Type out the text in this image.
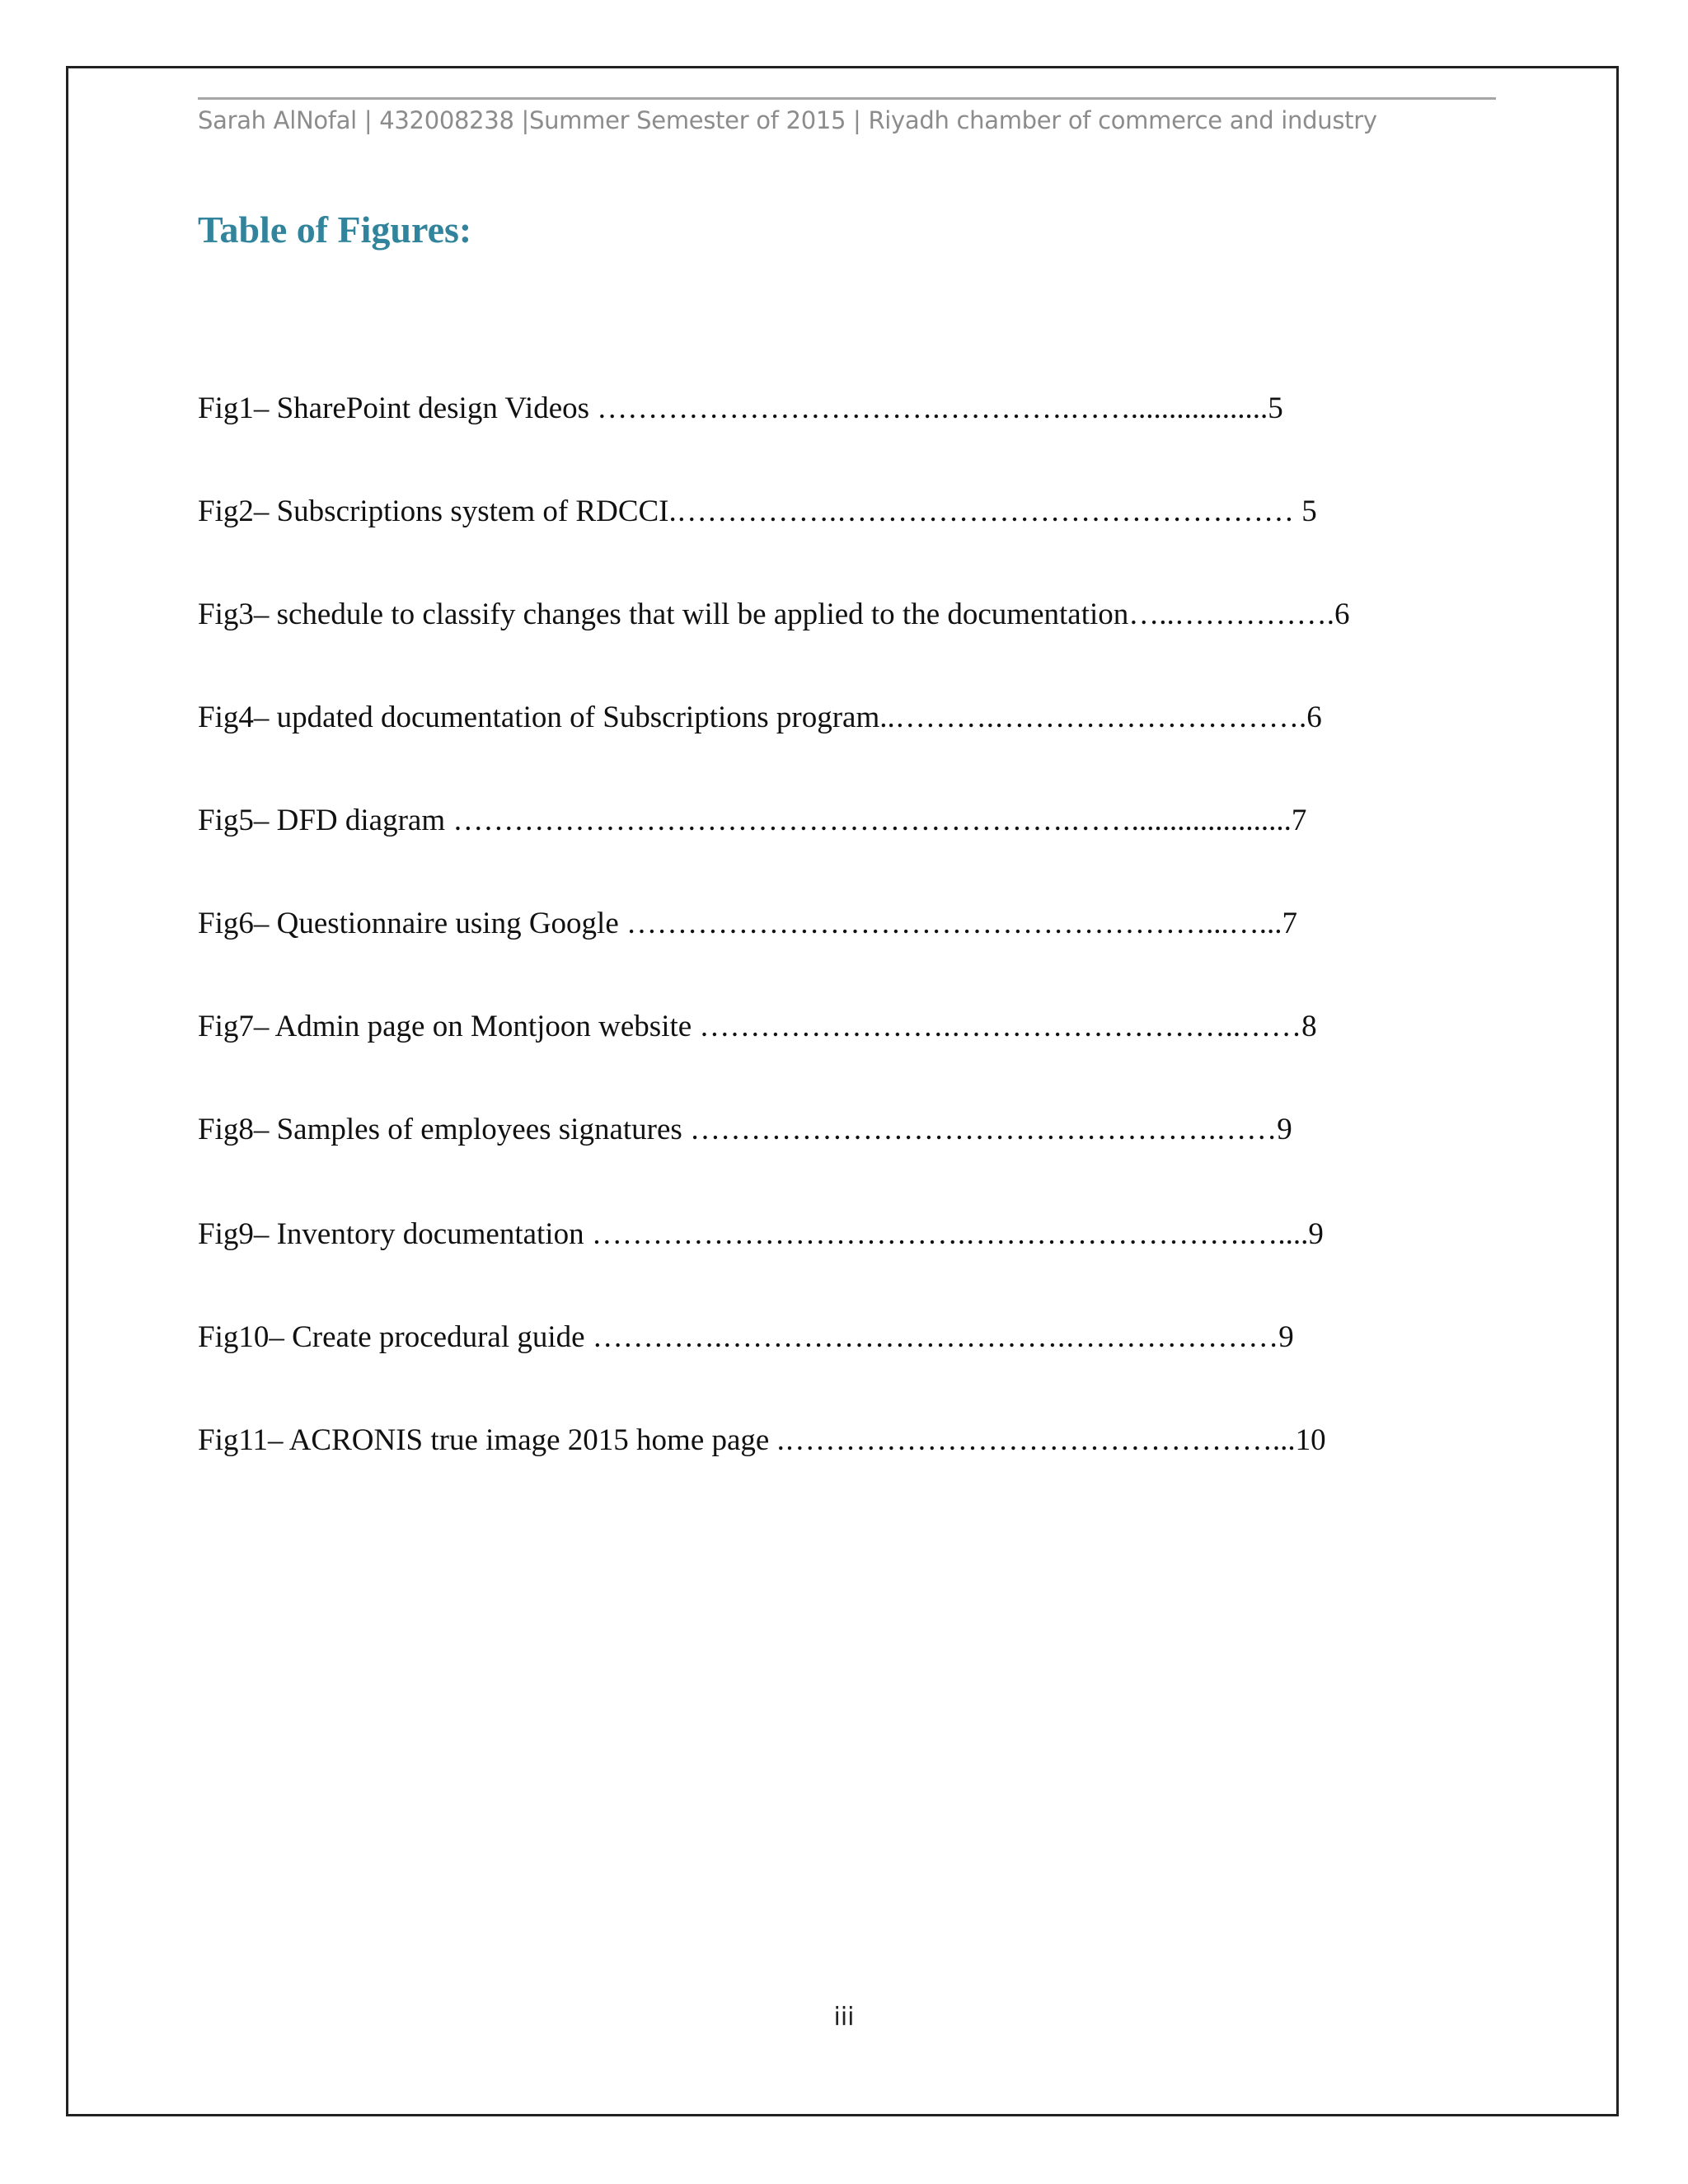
Sarah AlNofal | 432008238 |Summer Semester of 2015 | Riyadh chamber of commerce and industry
Table of Figures:
Fig1– SharePoint design Videos …………………………….………….……..................5
Fig2– Subscriptions system of RDCCI.…………….……………………………………… 5
Fig3– schedule to classify changes that will be applied to the documentation…..…………….6
Fig4– updated documentation of Subscriptions program..……….………………………….6
Fig5– DFD diagram …………………………………………………….…….....................7
Fig6– Questionnaire using Google …………………………………………………...…...7
Fig7– Admin page on Montjoon website …………………….………………………..……8
Fig8– Samples of employees signatures …………………………………………….……9
Fig9– Inventory documentation ……………………………….……………………….…....9
Fig10– Create procedural guide ………….…………………………….…………………9
Fig11– ACRONIS true image 2015 home page .…………………………………………...10
iii
